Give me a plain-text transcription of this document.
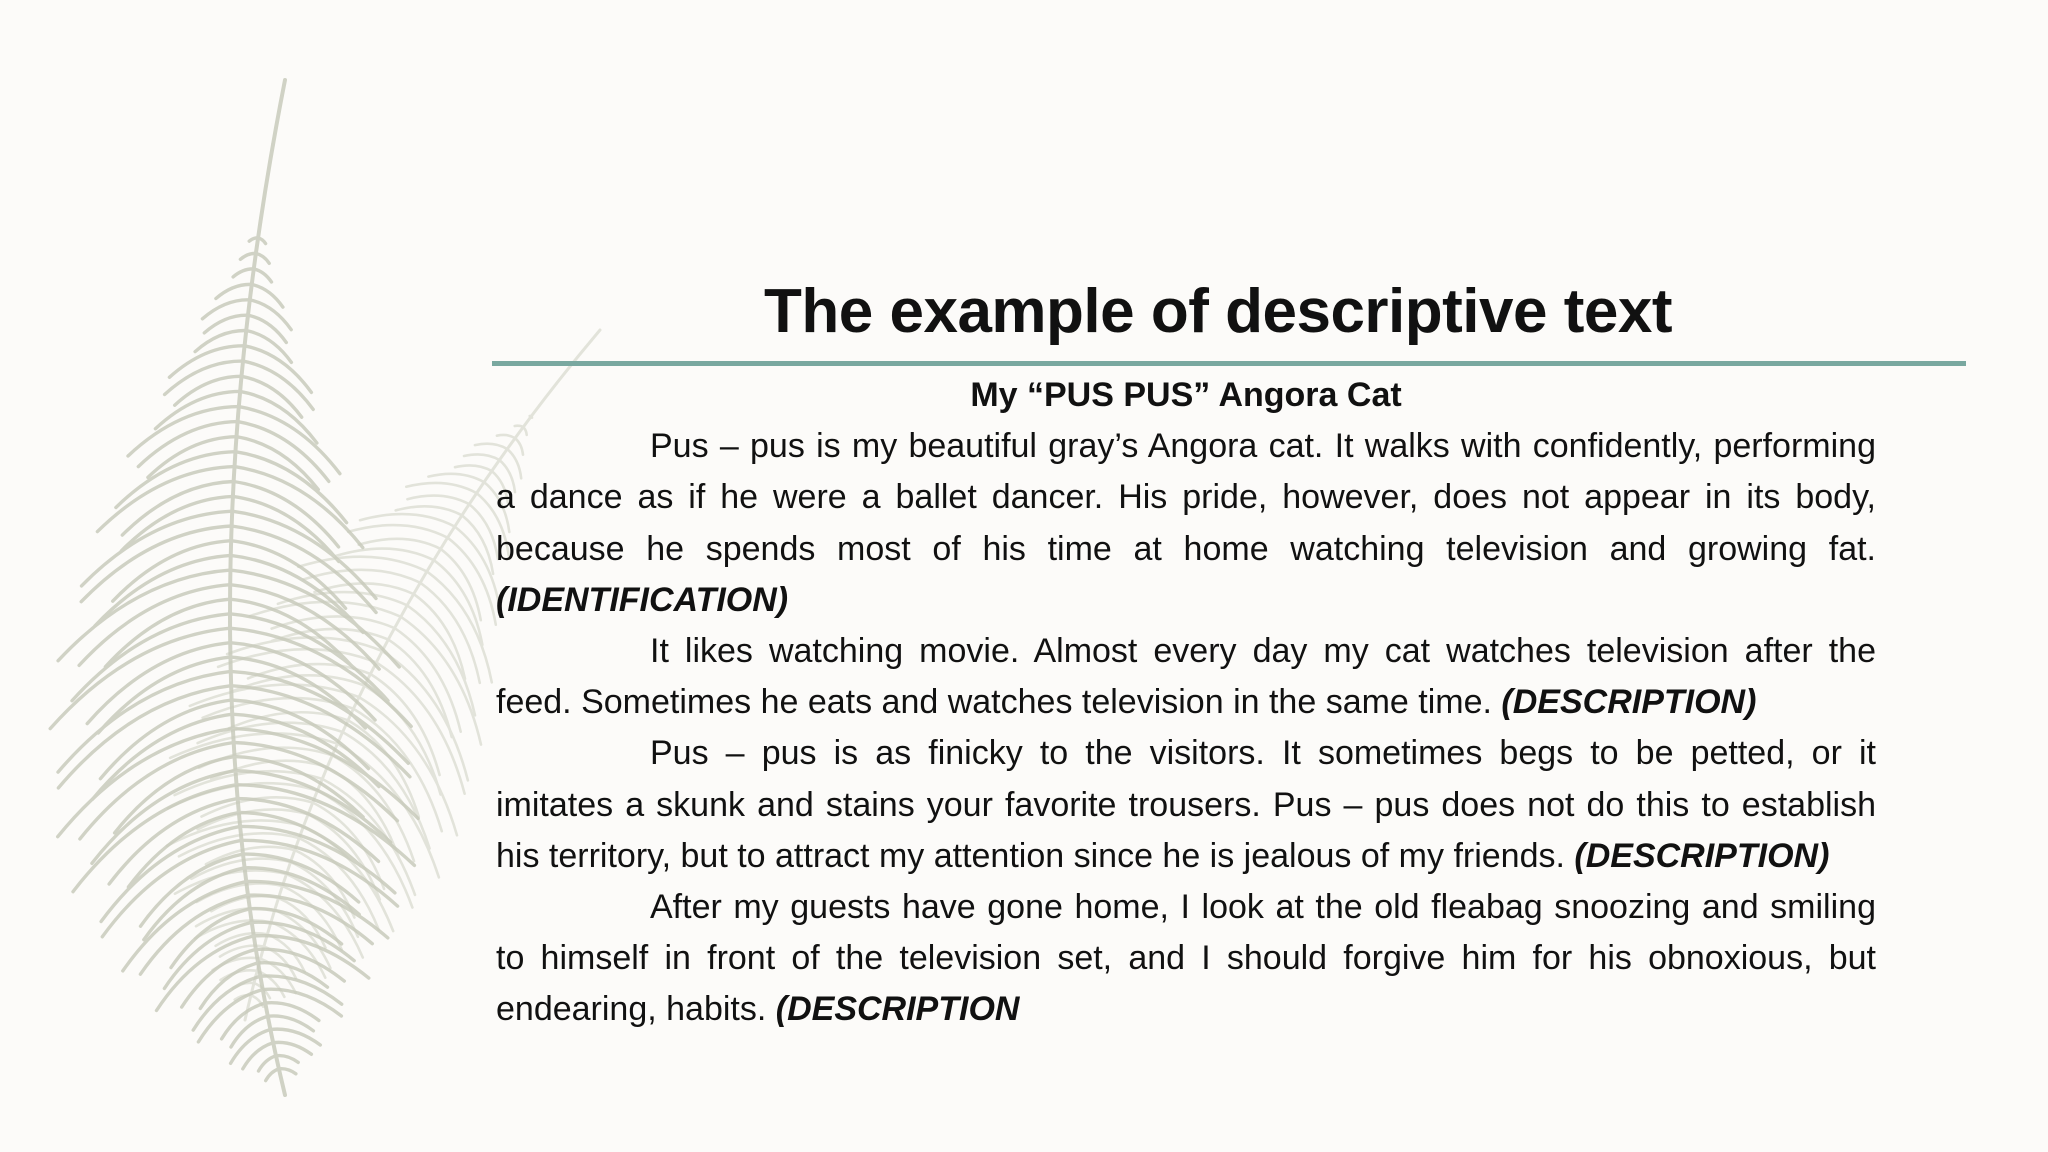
The example of descriptive text

My “PUS PUS” Angora Cat

Pus – pus is my beautiful gray’s Angora cat. It walks with confidently, performing a dance as if he were a ballet dancer. His pride, however, does not appear in its body, because he spends most of his time at home watching television and growing fat. (IDENTIFICATION)

It likes watching movie. Almost every day my cat watches television after the feed. Sometimes he eats and watches television in the same time. (DESCRIPTION)

Pus – pus is as finicky to the visitors. It sometimes begs to be petted, or it imitates a skunk and stains your favorite trousers. Pus – pus does not do this to establish his territory, but to attract my attention since he is jealous of my friends. (DESCRIPTION)

After my guests have gone home, I look at the old fleabag snoozing and smiling to himself in front of the television set, and I should forgive him for his obnoxious, but endearing, habits. (DESCRIPTION
